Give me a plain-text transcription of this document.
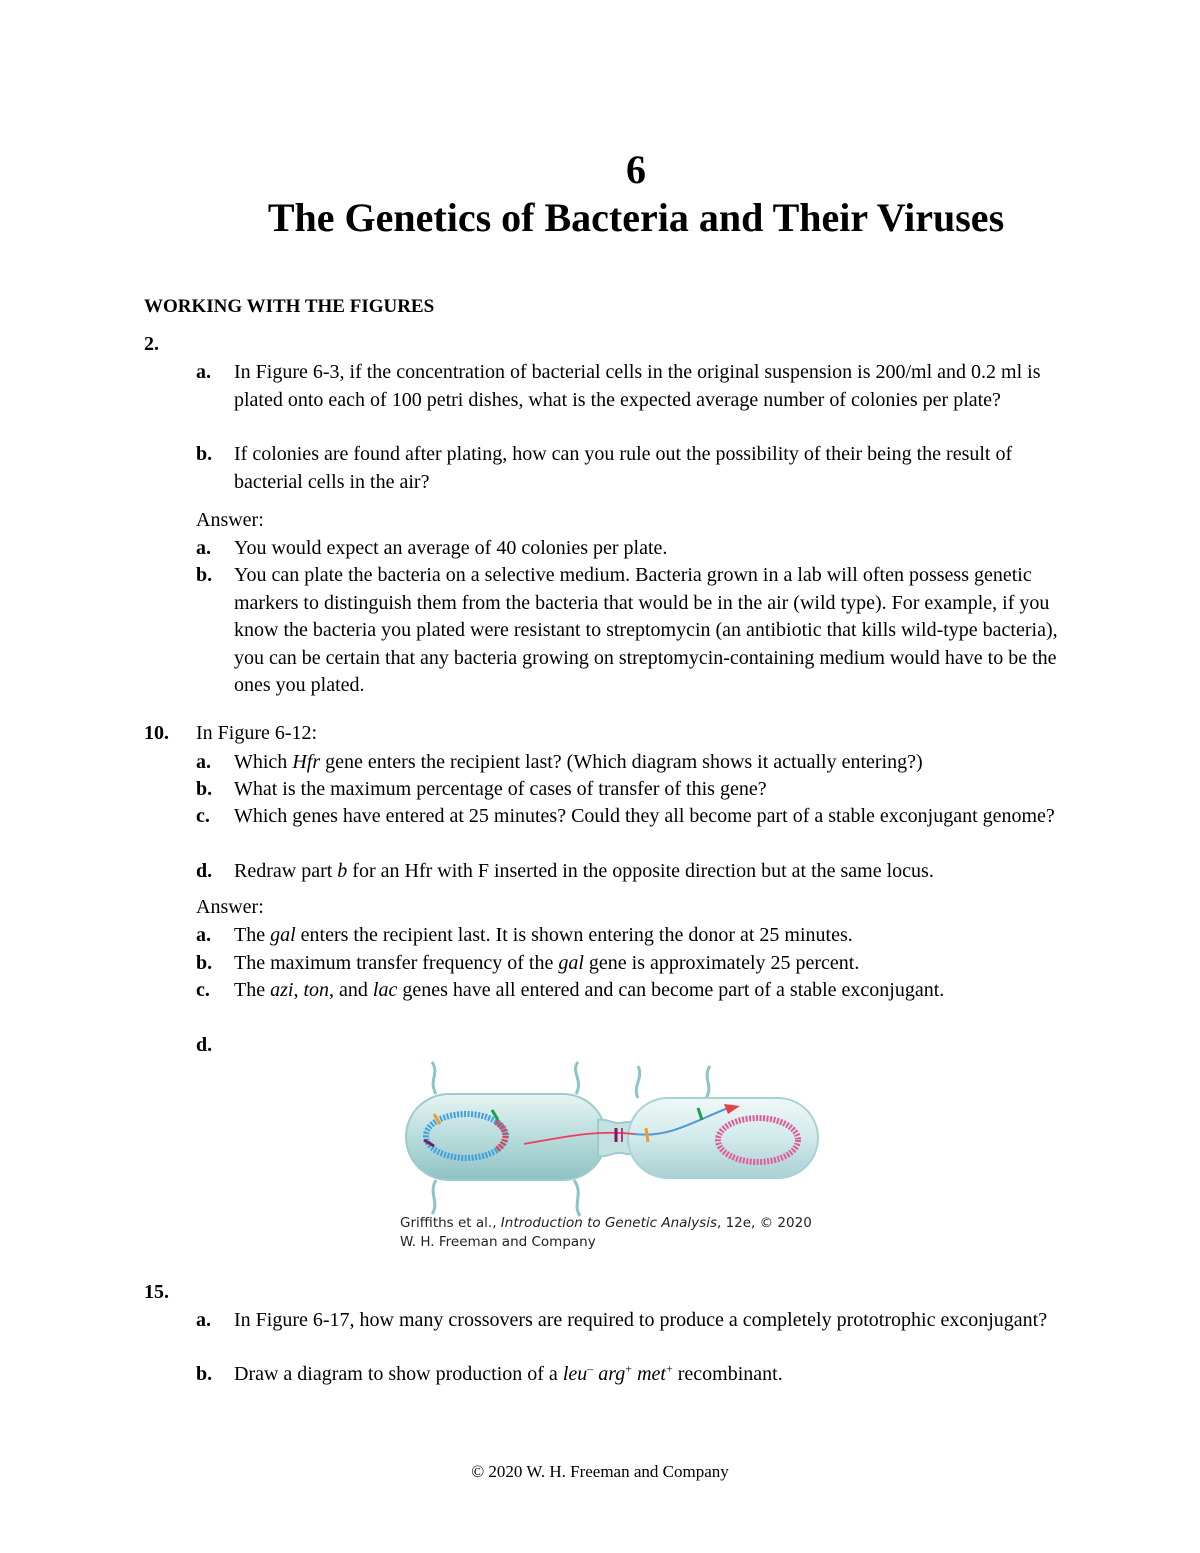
6
The Genetics of Bacteria and Their Viruses
WORKING WITH THE FIGURES
2.
a. In Figure 6-3, if the concentration of bacterial cells in the original suspension is 200/ml and 0.2 ml is plated onto each of 100 petri dishes, what is the expected average number of colonies per plate?
b. If colonies are found after plating, how can you rule out the possibility of their being the result of bacterial cells in the air?
Answer:
a. You would expect an average of 40 colonies per plate.
b. You can plate the bacteria on a selective medium. Bacteria grown in a lab will often possess genetic markers to distinguish them from the bacteria that would be in the air (wild type). For example, if you know the bacteria you plated were resistant to streptomycin (an antibiotic that kills wild-type bacteria), you can be certain that any bacteria growing on streptomycin-containing medium would have to be the ones you plated.
10. In Figure 6-12:
a. Which Hfr gene enters the recipient last? (Which diagram shows it actually entering?)
b. What is the maximum percentage of cases of transfer of this gene?
c. Which genes have entered at 25 minutes? Could they all become part of a stable exconjugant genome?
d. Redraw part b for an Hfr with F inserted in the opposite direction but at the same locus.
Answer:
a. The gal enters the recipient last. It is shown entering the donor at 25 minutes.
b. The maximum transfer frequency of the gal gene is approximately 25 percent.
c. The azi, ton, and lac genes have all entered and can become part of a stable exconjugant.
d.
Griffiths et al., Introduction to Genetic Analysis, 12e, © 2020
W. H. Freeman and Company
15.
a. In Figure 6-17, how many crossovers are required to produce a completely prototrophic exconjugant?
b. Draw a diagram to show production of a leu– arg+ met+ recombinant.
© 2020 W. H. Freeman and Company
